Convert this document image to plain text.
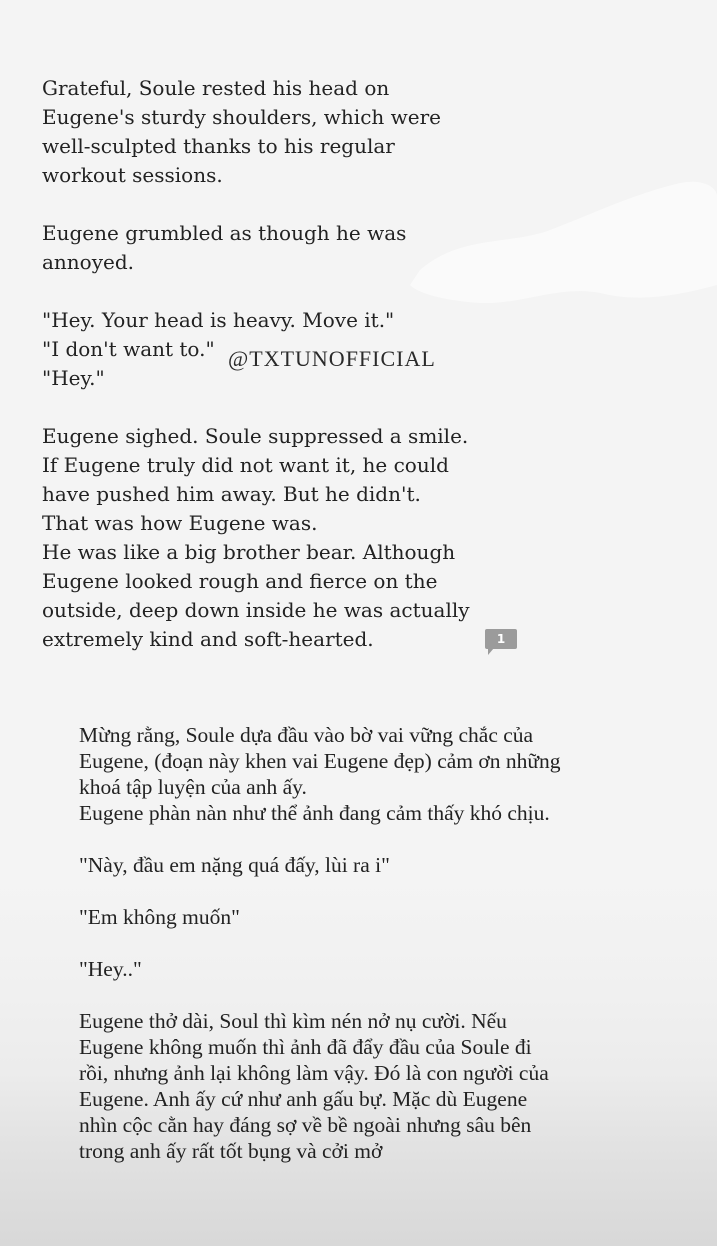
Grateful, Soule rested his head on

Eugene's sturdy shoulders, which were

well-sculpted thanks to his regular

workout sessions.

Eugene grumbled as though he was

annoyed.

"Hey. Your head is heavy. Move it."

"I don't want to."

"Hey."

Eugene sighed. Soule suppressed a smile.

If Eugene truly did not want it, he could

have pushed him away. But he didn't.

That was how Eugene was.

He was like a big brother bear. Although

Eugene looked rough and fierce on the

outside, deep down inside he was actually

extremely kind and soft-hearted.

@TXTUNOFFICIAL
1

Mừng rằng, Soule dựa đầu vào bờ vai vững chắc của

Eugene, (đoạn này khen vai Eugene đẹp) cảm ơn những

khoá tập luyện của anh ấy.

Eugene phàn nàn như thể ảnh đang cảm thấy khó chịu.

"Này, đầu em nặng quá đấy, lùi ra i"

"Em không muốn"

"Hey.."

Eugene thở dài, Soul thì kìm nén nở nụ cười. Nếu

Eugene không muốn thì ảnh đã đẩy đầu của Soule đi

rồi, nhưng ảnh lại không làm vậy. Đó là con người của

Eugene. Anh ấy cứ như anh gấu bự. Mặc dù Eugene

nhìn cộc cằn hay đáng sợ về bề ngoài nhưng sâu bên

trong anh ấy rất tốt bụng và cởi mở
